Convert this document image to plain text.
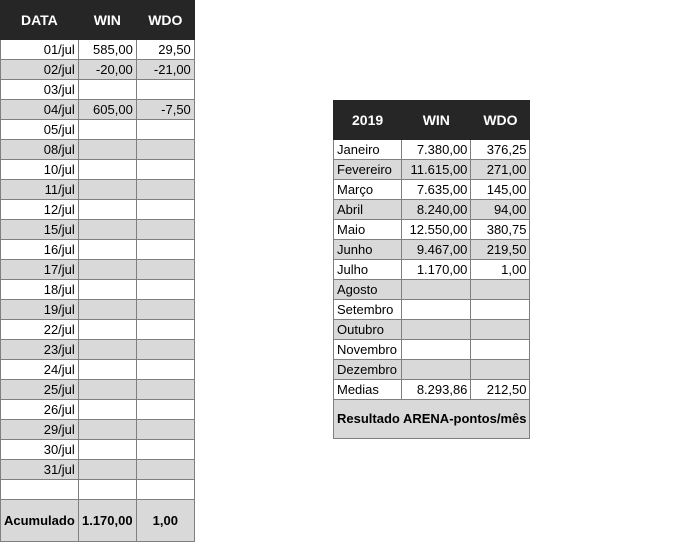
DATA	WIN	WDO
01/jul	585,00	29,50
02/jul	-20,00	-21,00
03/jul		
04/jul	605,00	-7,50
05/jul		
08/jul		
10/jul		
11/jul		
12/jul		
15/jul		
16/jul		
17/jul		
18/jul		
19/jul		
22/jul		
23/jul		
24/jul		
25/jul		
26/jul		
29/jul		
30/jul		
31/jul		

Acumulado	1.170,00	1,00
2019	WIN	WDO
Janeiro	7.380,00	376,25
Fevereiro	11.615,00	271,00
Março	7.635,00	145,00
Abril	8.240,00	94,00
Maio	12.550,00	380,75
Junho	9.467,00	219,50
Julho	1.170,00	1,00
Agosto		
Setembro		
Outubro		
Novembro		
Dezembro		
Medias	8.293,86	212,50
Resultado ARENA-pontos/mês		
